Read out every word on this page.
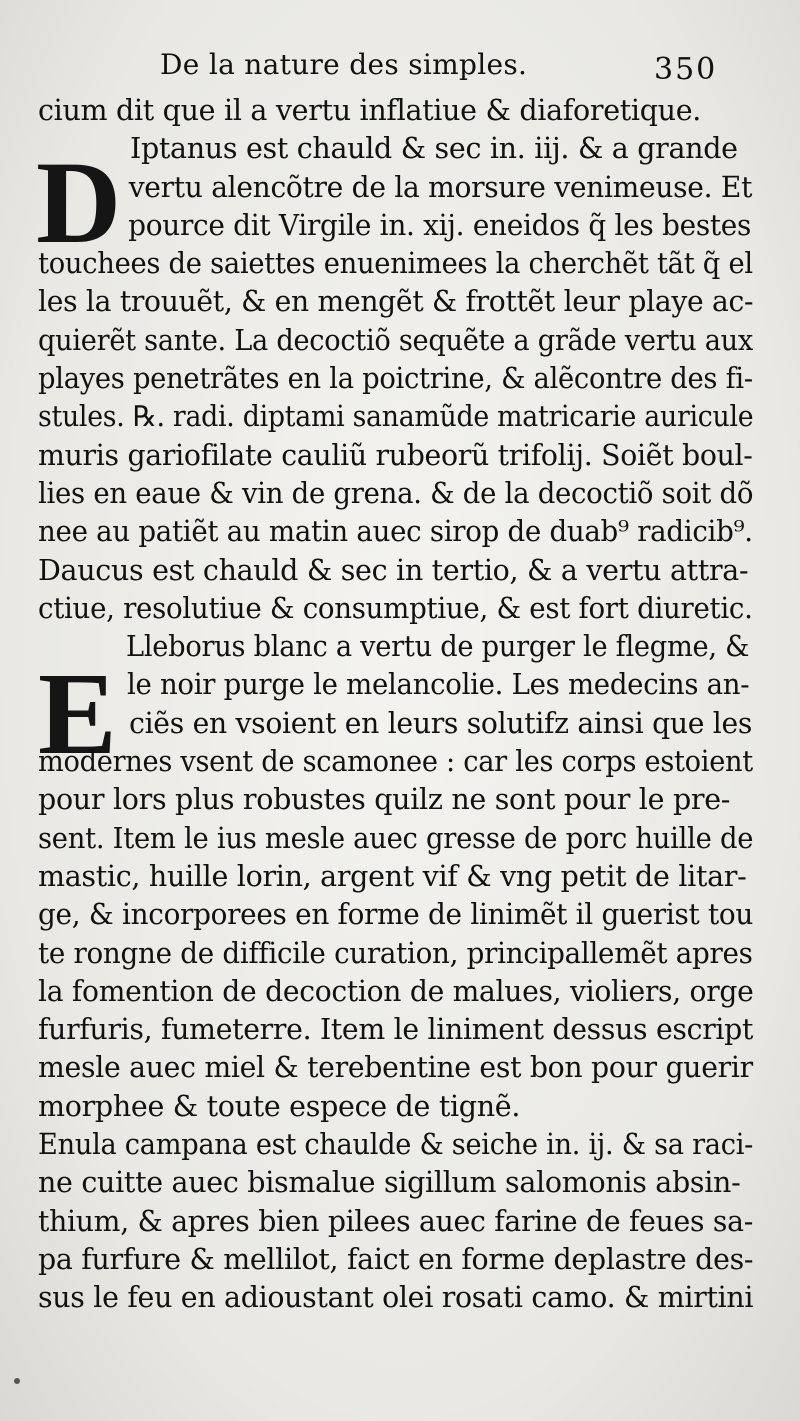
De la nature des simples.	350
D
E
cium dit que il a vertu inflatiue & diaforetique.
Iptanus est chauld & sec in. iij. & a grande
vertu alencõtre de la morsure venimeuse. Et
pource dit Virgile in. xij. eneidos q̃ les bestes
touchees de saiettes enuenimees la cherchẽt tãt q̃ el
les la trouuẽt, & en mengẽt & frottẽt leur playe ac-
quierẽt sante. La decoctiõ sequẽte a grãde vertu aux
playes penetrãtes en la poictrine, & alẽcontre des fi-
stules. ℞. radi. diptami sanamũde matricarie auricule
muris gariofilate cauliũ rubeorũ trifolij. Soiẽt boul-
lies en eaue & vin de grena. & de la decoctiõ soit dõ
nee au patiẽt au matin auec sirop de duab⁹ radicib⁹.
Daucus est chauld & sec in tertio, & a vertu attra-
ctiue, resolutiue & consumptiue, & est fort diuretic.
Lleborus blanc a vertu de purger le flegme, &
le noir purge le melancolie. Les medecins an-
ciẽs en vsoient en leurs solutifz ainsi que les
modernes vsent de scamonee : car les corps estoient
pour lors plus robustes quilz ne sont pour le pre-
sent. Item le ius mesle auec gresse de porc huille de
mastic, huille lorin, argent vif & vng petit de litar-
ge, & incorporees en forme de linimẽt il guerist tou
te rongne de difficile curation, principallemẽt apres
la fomention de decoction de malues, violiers, orge
furfuris, fumeterre. Item le liniment dessus escript
mesle auec miel & terebentine est bon pour guerir
morphee & toute espece de tignẽ.
Enula campana est chaulde & seiche in. ij. & sa raci-
ne cuitte auec bismalue sigillum salomonis absin-
thium, & apres bien pilees auec farine de feues sa-
pa furfure & mellilot, faict en forme deplastre des-
sus le feu en adioustant olei rosati camo. & mirtini
